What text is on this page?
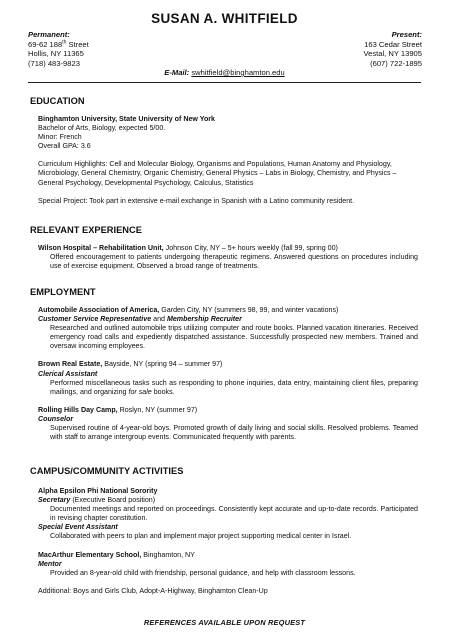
SUSAN A. WHITFIELD
Permanent:
69-62 188th Street
Hollis, NY 11365
(718) 483-9823
Present:
163 Cedar Street
Vestal, NY 13905
(607) 722-1895
E-Mail: swhitfield@binghamton.edu
EDUCATION

Binghamton University, State University of New York

Bachelor of Arts, Biology, expected 5/00.

Minor: French

Overall GPA: 3.6

Curriculum Highlights: Cell and Molecular Biology, Organisms and Populations, Human Anatomy and Physiology, Microbiology, General Chemistry, Organic Chemistry, General Physics – Labs in Biology, Chemistry, and Physics – General Psychology, Developmental Psychology, Calculus, Statistics

Special Project: Took part in extensive e-mail exchange in Spanish with a Latino community resident.

RELEVANT EXPERIENCE

Wilson Hospital – Rehabilitation Unit, Johnson City, NY – 5+ hours weekly (fall 99, spring 00)

Offered encouragement to patients undergoing therapeutic regimens. Answered questions on procedures including use of exercise equipment. Observed a broad range of treatments.

EMPLOYMENT

Automobile Association of America, Garden City, NY (summers 98, 99, and winter vacations)

Customer Service Representative and Membership Recruiter

Researched and outlined automobile trips utilizing computer and route books. Planned vacation itineraries. Received emergency road calls and expediently dispatched assistance. Successfully prospected new members. Trained and oversaw incoming employees.

Brown Real Estate, Bayside, NY (spring 94 – summer 97)

Clerical Assistant

Performed miscellaneous tasks such as responding to phone inquiries, data entry, maintaining client files, preparing mailings, and organizing for sale books.

Rolling Hills Day Camp, Roslyn, NY (summer 97)

Counselor

Supervised routine of 4-year-old boys. Promoted growth of daily living and social skills. Resolved problems. Teamed with staff to arrange intergroup events. Communicated frequently with parents.

CAMPUS/COMMUNITY ACTIVITIES

Alpha Epsilon Phi National Sorority

Secretary (Executive Board position)

Documented meetings and reported on proceedings. Consistently kept accurate and up-to-date records. Participated in revising chapter constitution.

Special Event Assistant

Collaborated with peers to plan and implement major project supporting medical center in Israel.

MacArthur Elementary School, Binghamton, NY

Mentor

Provided an 8-year-old child with friendship, personal guidance, and help with classroom lessons.

Additional: Boys and Girls Club, Adopt-A-Highway, Binghamton Clean-Up

REFERENCES AVAILABLE UPON REQUEST
